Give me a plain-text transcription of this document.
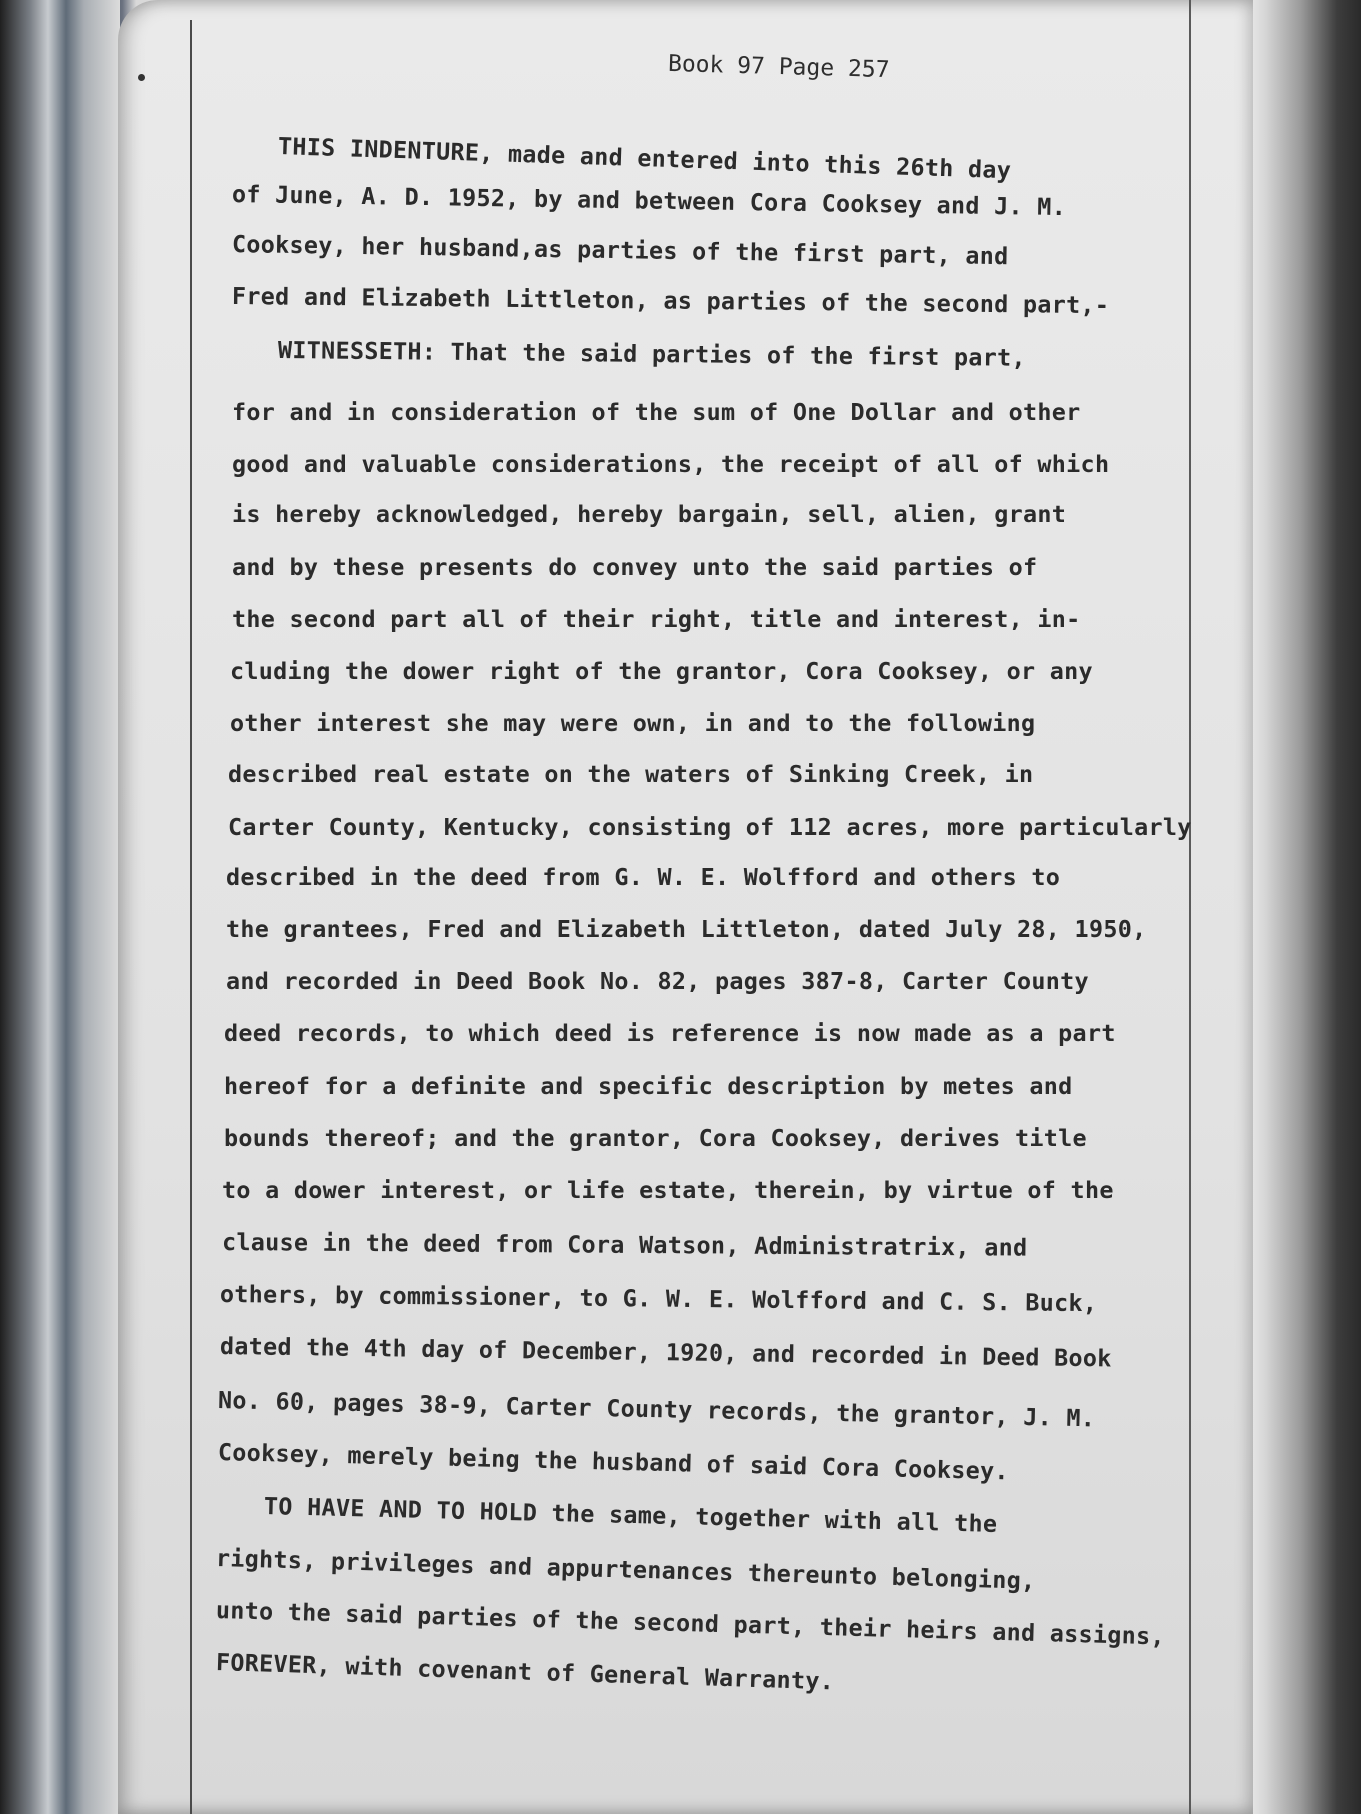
Book 97 Page 257
THIS INDENTURE, made and entered into this 26th day
of June, A. D. 1952, by and between Cora Cooksey and J. M.
Cooksey, her husband,as parties of the first part, and
Fred and Elizabeth Littleton, as parties of the second part,-
WITNESSETH: That the said parties of the first part,
for and in consideration of the sum of One Dollar and other
good and valuable considerations, the receipt of all of which
is hereby acknowledged, hereby bargain, sell, alien, grant
and by these presents do convey unto the said parties of
the second part all of their right, title and interest, in-
cluding the dower right of the grantor, Cora Cooksey, or any
other interest she may were own, in and to the following
described real estate on the waters of Sinking Creek, in
Carter County, Kentucky, consisting of 112 acres, more particularly
described in the deed from G. W. E. Wolfford and others to
the grantees, Fred and Elizabeth Littleton, dated July 28, 1950,
and recorded in Deed Book No. 82, pages 387-8, Carter County
deed records, to which deed is reference is now made as a part
hereof for a definite and specific description by metes and
bounds thereof; and the grantor, Cora Cooksey, derives title
to a dower interest, or life estate, therein, by virtue of the
clause in the deed from Cora Watson, Administratrix, and
others, by commissioner, to G. W. E. Wolfford and C. S. Buck,
dated the 4th day of December, 1920, and recorded in Deed Book
No. 60, pages 38-9, Carter County records, the grantor, J. M.
Cooksey, merely being the husband of said Cora Cooksey.
TO HAVE AND TO HOLD the same, together with all the
rights, privileges and appurtenances thereunto belonging,
unto the said parties of the second part, their heirs and assigns,
FOREVER, with covenant of General Warranty.
